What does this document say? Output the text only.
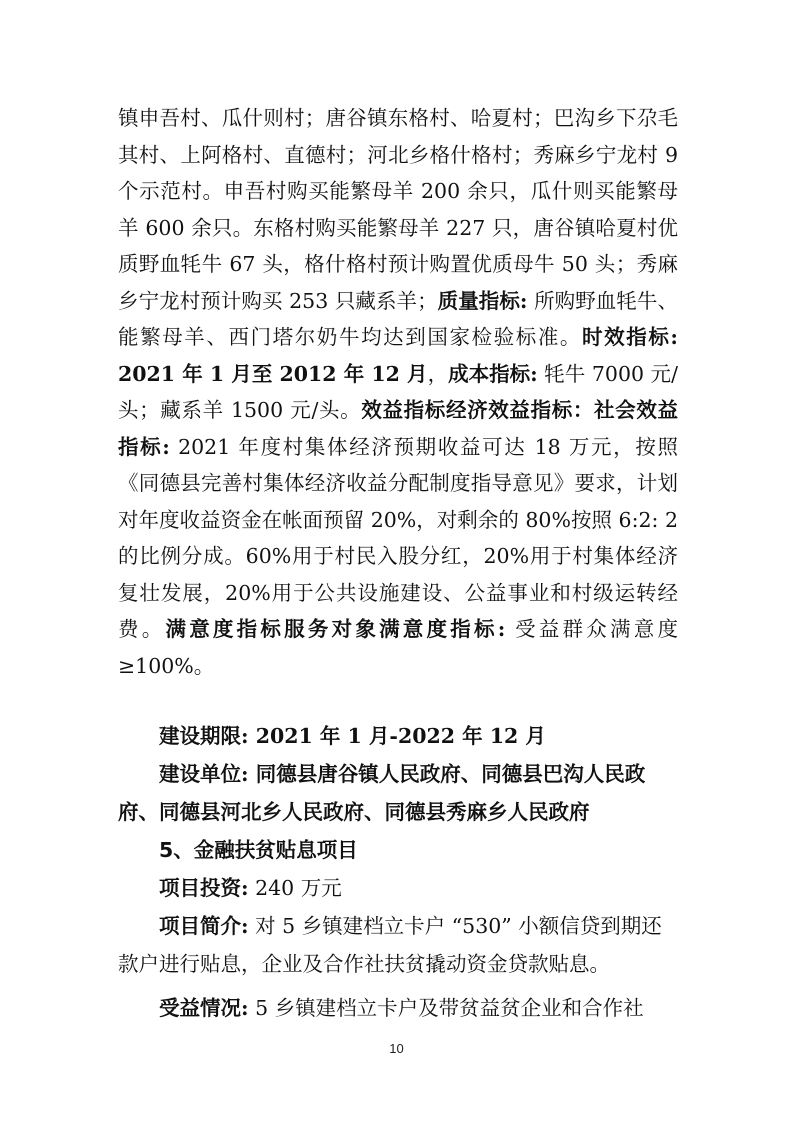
镇申吾村、瓜什则村；唐谷镇东格村、哈夏村；巴沟乡下尕毛其村、上阿格村、直德村；河北乡格什格村；秀麻乡宁龙村 9 个示范村。申吾村购买能繁母羊 200 余只，瓜什则买能繁母羊 600 余只。东格村购买能繁母羊 227 只，唐谷镇哈夏村优质野血牦牛 67 头，格什格村预计购置优质母牛 50 头；秀麻乡宁龙村预计购买 253 只藏系羊；质量指标: 所购野血牦牛、能繁母羊、西门塔尔奶牛均达到国家检验标准。时效指标: 2021 年 1 月至 2012 年 12 月，成本指标: 牦牛 7000 元/头；藏系羊 1500 元/头。效益指标经济效益指标：社会效益指标: 2021 年度村集体经济预期收益可达 18 万元，按照《同德县完善村集体经济收益分配制度指导意见》要求，计划对年度收益资金在帐面预留 20%，对剩余的 80%按照 6:2: 2 的比例分成。60%用于村民入股分红，20%用于村集体经济复壮发展，20%用于公共设施建设、公益事业和村级运转经费。满意度指标服务对象满意度指标: 受益群众满意度≥100%。

建设期限: 2021 年 1 月-2022 年 12 月

建设单位: 同德县唐谷镇人民政府、同德县巴沟人民政府、同德县河北乡人民政府、同德县秀麻乡人民政府

5、金融扶贫贴息项目

项目投资: 240 万元

项目简介: 对 5 乡镇建档立卡户 “530” 小额信贷到期还款户进行贴息，企业及合作社扶贫撬动资金贷款贴息。

受益情况: 5 乡镇建档立卡户及带贫益贫企业和合作社

10
